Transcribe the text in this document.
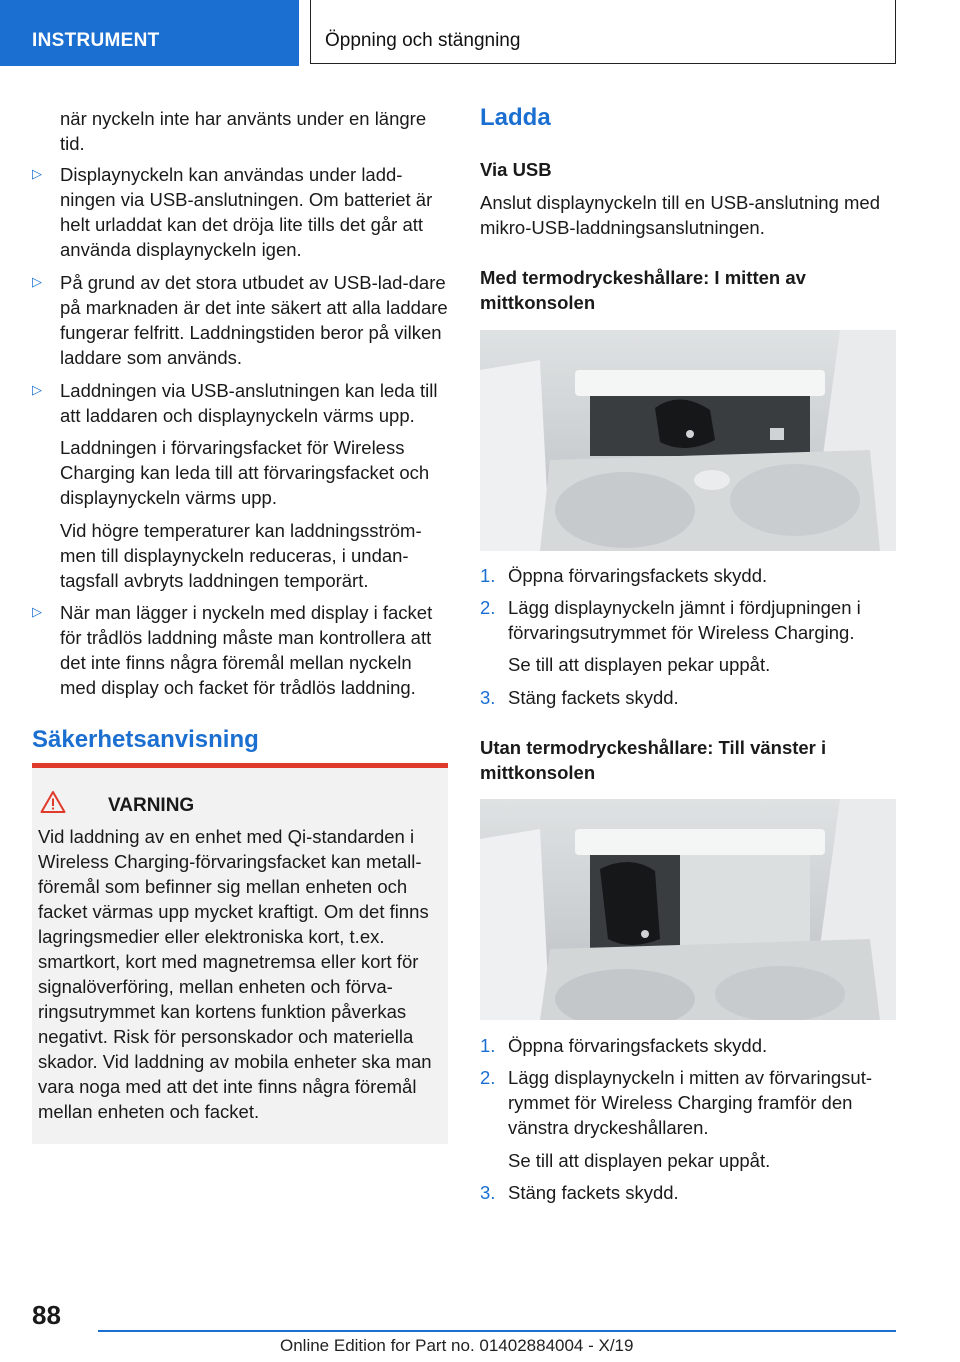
INSTRUMENT	Öppning och stängning

när nyckeln inte har använts under en längre tid.

▷ Displaynyckeln kan användas under ladd-ningen via USB-anslutningen. Om batteriet är helt urladdat kan det dröja lite tills det går att använda displaynyckeln igen.

▷ På grund av det stora utbudet av USB-lad-dare på marknaden är det inte säkert att alla laddare fungerar felfritt. Laddningstiden beror på vilken laddare som används.

▷ Laddningen via USB-anslutningen kan leda till att laddaren och displaynyckeln värms upp.

Laddningen i förvaringsfacket för Wireless Charging kan leda till att förvaringsfacket och displaynyckeln värms upp.

Vid högre temperaturer kan laddningsström-men till displaynyckeln reduceras, i undan-tagsfall avbryts laddningen temporärt.

▷ När man lägger i nyckeln med display i facket för trådlös laddning måste man kontrollera att det inte finns några föremål mellan nyckeln med display och facket för trådlös laddning.

Säkerhetsanvisning
VARNING

Vid laddning av en enhet med Qi-standarden i Wireless Charging-förvaringsfacket kan metall-föremål som befinner sig mellan enheten och facket värmas upp mycket kraftigt. Om det finns lagringsmedier eller elektroniska kort, t.ex. smartkort, kort med magnetremsa eller kort för signalöverföring, mellan enheten och förva-ringsutrymmet kan kortens funktion påverkas negativt. Risk för personskador och materiella skador. Vid laddning av mobila enheter ska man vara noga med att det inte finns några föremål mellan enheten och facket.

Ladda
Via USB

Anslut displaynyckeln till en USB-anslutning med mikro-USB-laddningsanslutningen.

Med termodryckeshållare: I mitten av mittkonsolen
1. Öppna förvaringsfackets skydd.

2. Lägg displaynyckeln jämnt i fördjupningen i förvaringsutrymmet för Wireless Charging.

Se till att displayen pekar uppåt.

3. Stäng fackets skydd.

Utan termodryckeshållare: Till vänster i mittkonsolen
1. Öppna förvaringsfackets skydd.

2. Lägg displaynyckeln i mitten av förvaringsut-rymmet för Wireless Charging framför den vänstra dryckeshållaren.

Se till att displayen pekar uppåt.

3. Stäng fackets skydd.

88
Online Edition for Part no. 01402884004 - X/19
